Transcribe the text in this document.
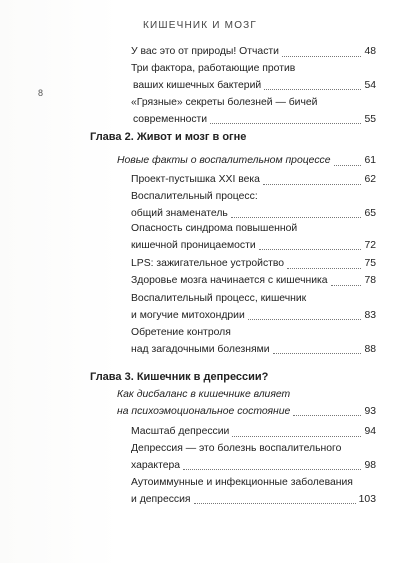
КИШЕЧНИК И МОЗГ
8
У вас это от природы! Отчасти	48
Три фактора, работающие против
ваших кишечных бактерий	54
«Грязные» секреты болезней — бичей
современности	55
Глава 2. Живот и мозг в огне
Новые факты о воспалительном процессе	61
Проект-пустышка XXI века	62
Воспалительный процесс:
общий знаменатель	65
Опасность синдрома повышенной
кишечной проницаемости	72
LPS: зажигательное устройство	75
Здоровье мозга начинается с кишечника	78
Воспалительный процесс, кишечник
и могучие митохондрии	83
Обретение контроля
над загадочными болезнями	88
Глава 3. Кишечник в депрессии?
Как дисбаланс в кишечнике влияет
на психоэмоциональное состояние	93
Масштаб депрессии	94
Депрессия — это болезнь воспалительного
характера	98
Аутоиммунные и инфекционные заболевания
и депрессия	103
